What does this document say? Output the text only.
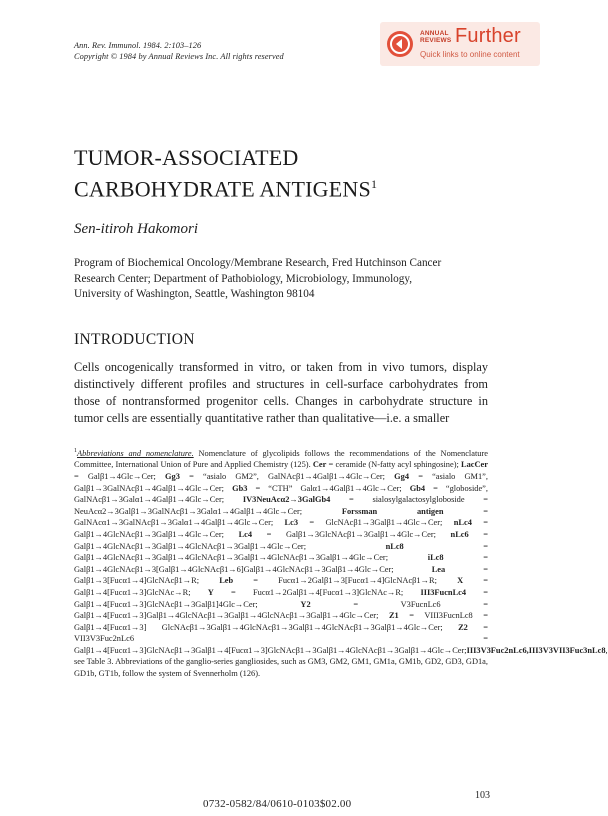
Ann. Rev. Immunol. 1984. 2:103–126
Copyright © 1984 by Annual Reviews Inc. All rights reserved
ANNUAL
REVIEWS Further
Quick links to online content
TUMOR-ASSOCIATED
CARBOHYDRATE ANTIGENS$^1$
Sen-itiroh Hakomori
Program of Biochemical Oncology/Membrane Research, Fred Hutchinson Cancer
Research Center; Department of Pathobiology, Microbiology, Immunology,
University of Washington, Seattle, Washington 98104
INTRODUCTION
Cells oncogenically transformed in vitro, or taken from in vivo tumors, display distinctively different profiles and structures in cell-surface carbohydrates from those of nontransformed progenitor cells. Changes in carbohydrate structure in tumor cells are essentially quantitative rather than qualitative—i.e. a smaller
$^1$Abbreviations and nomenclature. Nomenclature of glycolipids follows the recommendations of the Nomenclature Committee, International Union of Pure and Applied Chemistry (125). Cer = ceramide (N-fatty acyl sphingosine); LacCer = Galβ1→4Glc→Cer; Gg3 = “asialo GM2”, GalNAcβ1→4Galβ1→4Glc→Cer; Gg4 = “asialo GM1”, Galβ1→3GalNAcβ1→4Galβ1→4Glc→Cer; Gb3 = “CTH” Galα1→4Galβ1→4Glc→Cer; Gb4 = “globoside”, GalNAcβ1→3Galα1→4Galβ1→4Glc→Cer; IV3NeuAcα2→3GalGb4 = sialosylgalactosylgloboside = NeuAcα2→3Galβ1→3GalNAcβ1→3Galα1→4Galβ1→4Glc→Cer; Forssman antigen = GalNAcα1→3GalNAcβ1→3Galα1→4Galβ1→4Glc→Cer; Lc3 = GlcNAcβ1→3Galβ1→4Glc→Cer; nLc4 = Galβ1→4GlcNAcβ1→3Galβ1→4Glc→Cer; Lc4 = Galβ1→3GlcNAcβ1→3Galβ1→4Glc→Cer; nLc6 = Galβ1→4GlcNAcβ1→3Galβ1→4GlcNAcβ1→3Galβ1→4Glc→Cer; nLc8 = Galβ1→4GlcNAcβ1→3Galβ1→4GlcNAcβ1→3Galβ1→4GlcNAcβ1→3Galβ1→4Glc→Cer; iLc8 = Galβ1→4GlcNAcβ1→3[Galβ1→4GlcNAcβ1→6]Galβ1→4GlcNAcβ1→3Galβ1→4Glc→Cer; Lea = Galβ1→3[Fucα1→4]GlcNAcβ1→R; Leb = Fucα1→2Galβ1→3[Fucα1→4]GlcNAcβ1→R; X = Galβ1→4[Fucα1→3]GlcNAc→R; Y = Fucα1→2Galβ1→4[Fucα1→3]GlcNAc→R; III3FucnLc4 = Galβ1→4[Fucα1→3]GlcNAcβ1→3Galβ1]4Glc→Cer; Y2 = V3FucnLc6 = Galβ1→4[Fucα1→3]Galβ1→4GlcNAcβ1→3Galβ1→4GlcNAcβ1→3Galβ1→4Glc→Cer; Z1 = VIII3FucnLc8 = Galβ1→4[Fucα1→3] GlcNAcβ1→3Galβ1→4GlcNAcβ1→3Galβ1→4GlcNAcβ1→3Galβ1→4Glc→Cer; Z2 = VII3V3Fuc2nLc6 = Galβ1→4[Fucα1→3]GlcNAcβ1→3Galβ1→4[Fucα1→3]GlcNAcβ1→3Galβ1→4GlcNAcβ1→3Galβ1→4Glc→Cer;III3V3Fuc2nLc6,III3V3VII3Fuc3nLc8, see Table 3. Abbreviations of the ganglio-series gangliosides, such as GM3, GM2, GM1, GM1a, GM1b, GD2, GD3, GD1a, GD1b, GT1b, follow the system of Svennerholm (126).
103
0732-0582/84/0610-0103$02.00
